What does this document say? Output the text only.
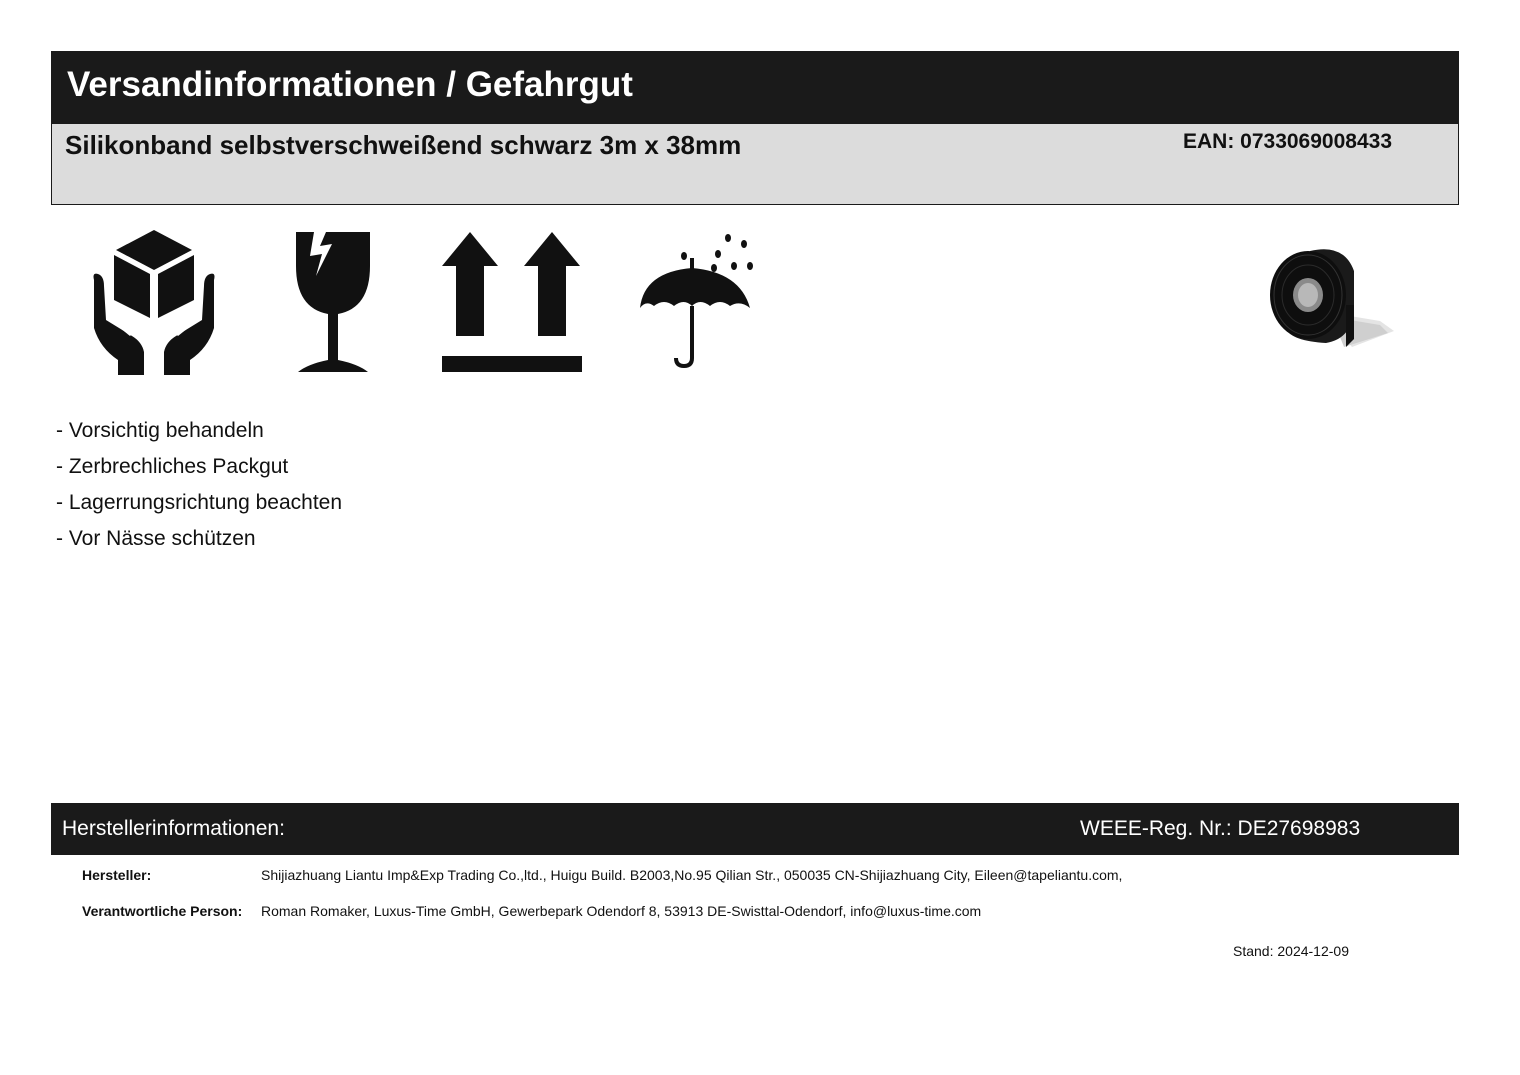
Versandinformationen / Gefahrgut
Silikonband selbstverschweißend schwarz 3m x 38mm	EAN: 0733069008433
- Vorsichtig behandeln
- Zerbrechliches Packgut
- Lagerrungsrichtung beachten
- Vor Nässe schützen
Herstellerinformationen:	WEEE-Reg. Nr.: DE27698983
Hersteller:	Shijiazhuang Liantu Imp&Exp Trading Co.,ltd., Huigu Build. B2003,No.95 Qilian Str., 050035 CN-Shijiazhuang City, Eileen@tapeliantu.com,
Verantwortliche Person:	Roman Romaker, Luxus-Time GmbH, Gewerbepark Odendorf 8, 53913 DE-Swisttal-Odendorf, info@luxus-time.com
Stand: 2024-12-09
